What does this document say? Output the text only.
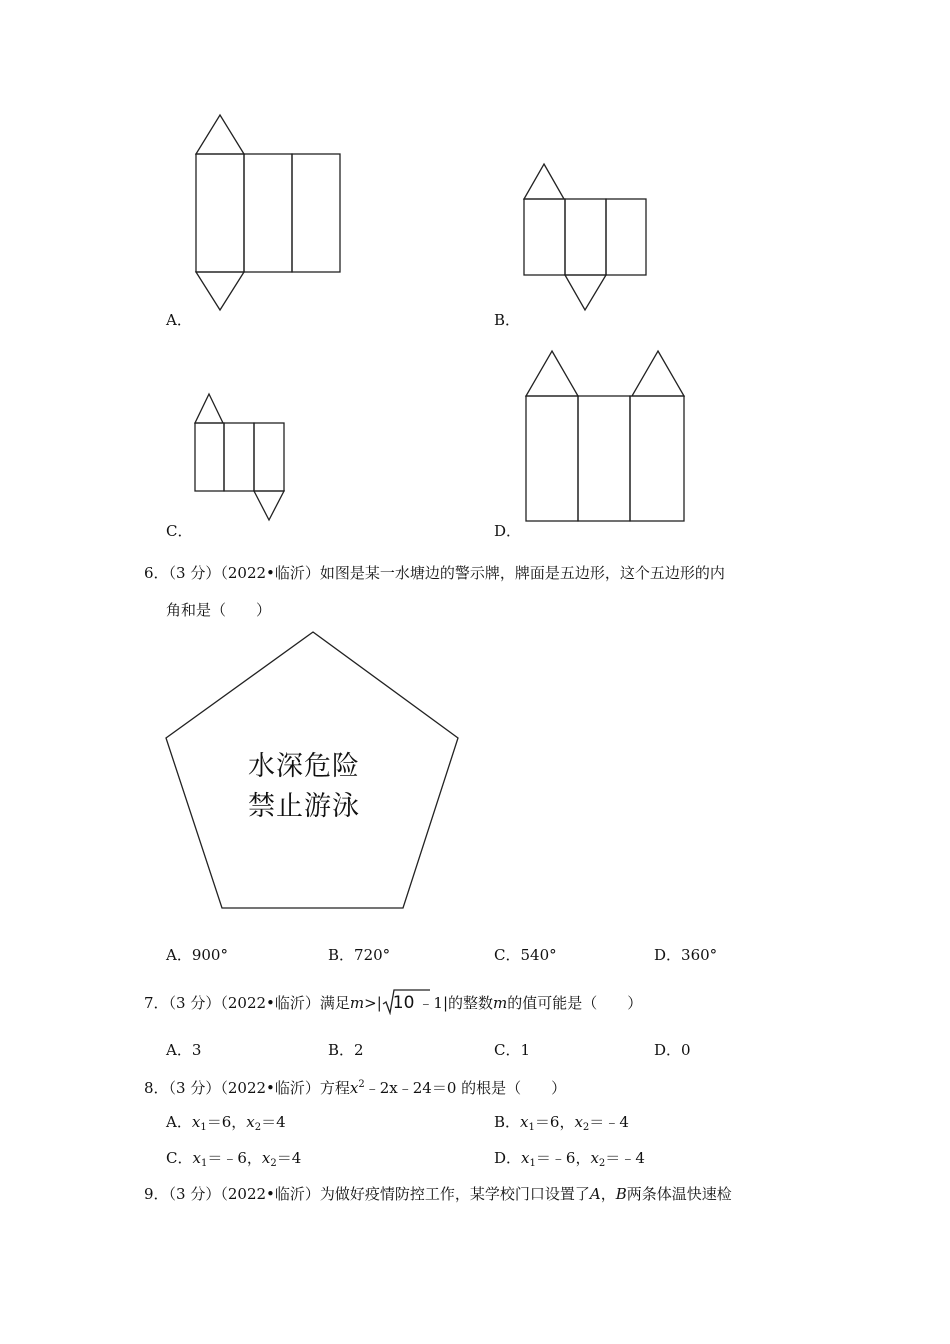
A．	B．
C．	D．
6．（3 分）（2022•临沂）如图是某一水塘边的警示牌，牌面是五边形，这个五边形的内
角和是（　　）
水深危险
禁止游泳
A．900°	B．720°	C．540°	D．360°
7．（3 分）（2022•临沂）满足m>| 10 ﹣1|的整数m的值可能是（　　）
A．3	B．2	C．1	D．0
8．（3 分）（2022•临沂）方程$x^2﹣2x﹣24=0$ 的根是（　　）
A．$x_1=6$，$x_2=4$	B．$x_1=6$，$x_2=﹣4$
C．$x_1=﹣6$，$x_2=4$	D．$x_1=﹣6$，$x_2=﹣4$
9．（3 分）（2022•临沂）为做好疫情防控工作，某学校门口设置了A，B两条体温快速检
